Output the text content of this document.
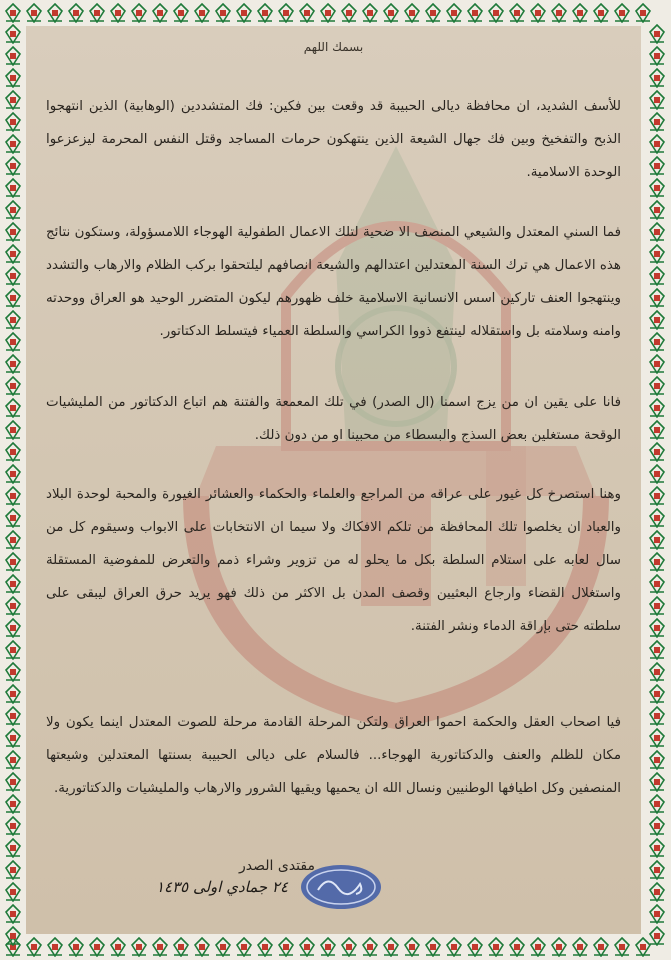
بسمك اللهم
للأسف الشديد، ان محافظة ديالى الحبيبة قد وقعت بين فكين: فك المتشددين (الوهابية) الذين انتهجوا الذبح والتفخيخ وبين فك جهال الشيعة الذين ينتهكون حرمات المساجد وقتل النفس المحرمة ليزعزعوا الوحدة الاسلامية.
فما السني المعتدل والشيعي المنصف الا ضحية لتلك الاعمال الطفولية الهوجاء اللامسؤولة، وستكون نتائج هذه الاعمال هي ترك السنة المعتدلين اعتدالهم والشيعة انصافهم ليلتحقوا بركب الظلام والارهاب والتشدد وينتهجوا العنف تاركين اسس الانسانية الاسلامية خلف ظهورهم ليكون المتضرر الوحيد هو العراق ووحدته وامنه وسلامته بل واستقلاله لينتفع ذووا الكراسي والسلطة العمياء فيتسلط الدكتاتور.
فانا على يقين ان من يزج اسمنا (ال الصدر) في تلك المعمعة والفتنة هم اتباع الدكتاتور من المليشيات الوقحة مستغلين بعض السذج والبسطاء من محبينا او من دون ذلك.
وهنا استصرخ كل غيور على عراقه من المراجع والعلماء والحكماء والعشائر الغيورة والمحبة لوحدة البلاد والعباد ان يخلصوا تلك المحافظة من تلكم الافكاك ولا سيما ان الانتخابات على الابواب وسيقوم كل من سال لعابه على استلام السلطة بكل ما يحلو له من تزوير وشراء ذمم والتعرض للمفوضية المستقلة واستغلال القضاء وارجاع البعثيين وقصف المدن بل الاكثر من ذلك فهو يريد حرق العراق ليبقى على سلطته حتى بإراقة الدماء ونشر الفتنة.
فيا اصحاب العقل والحكمة احموا العراق ولتكن المرحلة القادمة مرحلة للصوت المعتدل اينما يكون ولا مكان للظلم والعنف والدكتاتورية الهوجاء... فالسلام على ديالى الحبيبة بسنتها المعتدلين وشيعتها المنصفين وكل اطيافها الوطنيين ونسال الله ان يحميها ويقيها الشرور والارهاب والمليشيات والدكتاتورية.
مقتدى الصدر
٢٤ جمادي اولى ١٤٣٥
